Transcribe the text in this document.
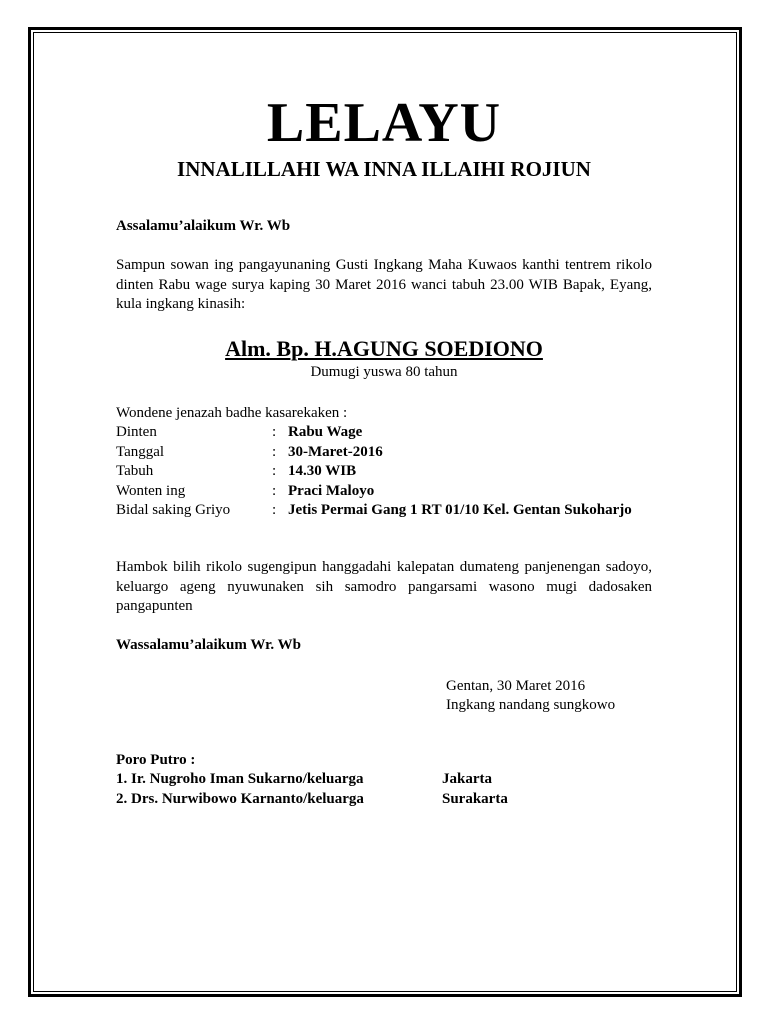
LELAYU
INNALILLAHI WA INNA ILLAIHI ROJIUN
Assalamu’alaikum Wr. Wb
Sampun sowan ing pangayunaning Gusti Ingkang Maha Kuwaos kanthi tentrem rikolo dinten Rabu wage surya kaping 30 Maret 2016 wanci tabuh 23.00 WIB Bapak, Eyang, kula ingkang kinasih:
Alm. Bp. H.AGUNG SOEDIONO
Dumugi yuswa 80 tahun
Wondene jenazah badhe kasarekaken :
Dinten	: Rabu Wage
Tanggal	: 30-Maret-2016
Tabuh	: 14.30 WIB
Wonten ing	: Praci Maloyo
Bidal saking Griyo	: Jetis Permai Gang 1 RT 01/10 Kel. Gentan Sukoharjo
Hambok bilih rikolo sugengipun hanggadahi kalepatan dumateng panjenengan sadoyo, keluargo ageng nyuwunaken sih samodro pangarsami wasono mugi dadosaken pangapunten
Wassalamu’alaikum Wr. Wb
Gentan, 30 Maret 2016
Ingkang nandang sungkowo
Poro Putro :
1. Ir. Nugroho Iman Sukarno/keluarga	Jakarta
2. Drs. Nurwibowo Karnanto/keluarga	Surakarta
